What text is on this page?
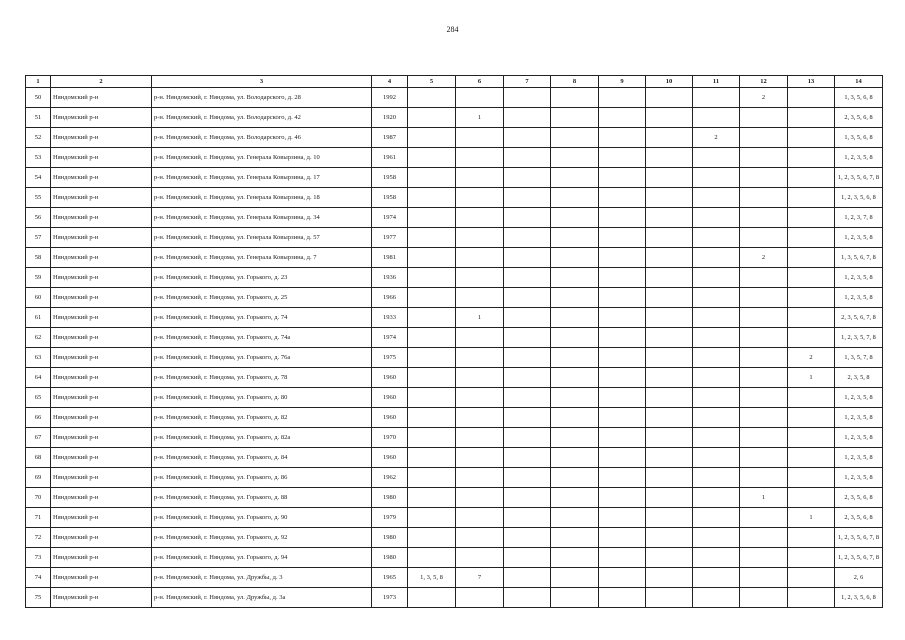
284
1	2	3	4	5	6	7	8	9	10	11	12	13	14
50	Няндомский р-н	р-н. Няндомский, г. Няндома, ул. Володарского, д. 28	1992								2		1, 3, 5, 6, 8
51	Няндомский р-н	р-н. Няндомский, г. Няндома, ул. Володарского, д. 42	1920		1								2, 3, 5, 6, 8
52	Няндомский р-н	р-н. Няндомский, г. Няндома, ул. Володарского, д. 46	1987							2			1, 3, 5, 6, 8
53	Няндомский р-н	р-н. Няндомский, г. Няндома, ул. Генерала Ковырзина, д. 10	1961										1, 2, 3, 5, 8
54	Няндомский р-н	р-н. Няндомский, г. Няндома, ул. Генерала Ковырзина, д. 17	1958										1, 2, 3, 5, 6, 7, 8
55	Няндомский р-н	р-н. Няндомский, г. Няндома, ул. Генерала Ковырзина, д. 18	1958										1, 2, 3, 5, 6, 8
56	Няндомский р-н	р-н. Няндомский, г. Няндома, ул. Генерала Ковырзина, д. 34	1974										1, 2, 3, 7, 8
57	Няндомский р-н	р-н. Няндомский, г. Няндома, ул. Генерала Ковырзина, д. 57	1977										1, 2, 3, 5, 8
58	Няндомский р-н	р-н. Няндомский, г. Няндома, ул. Генерала Ковырзина, д. 7	1981								2		1, 3, 5, 6, 7, 8
59	Няндомский р-н	р-н. Няндомский, г. Няндома, ул. Горького, д. 23	1936										1, 2, 3, 5, 8
60	Няндомский р-н	р-н. Няндомский, г. Няндома, ул. Горького, д. 25	1966										1, 2, 3, 5, 8
61	Няндомский р-н	р-н. Няндомский, г. Няндома, ул. Горького, д. 74	1933		1								2, 3, 5, 6, 7, 8
62	Няндомский р-н	р-н. Няндомский, г. Няндома, ул. Горького, д. 74а	1974										1, 2, 3, 5, 7, 8
63	Няндомский р-н	р-н. Няндомский, г. Няндома, ул. Горького, д. 76а	1975									2	1, 3, 5, 7, 8
64	Няндомский р-н	р-н. Няндомский, г. Няндома, ул. Горького, д. 78	1960									1	2, 3, 5, 8
65	Няндомский р-н	р-н. Няндомский, г. Няндома, ул. Горького, д. 80	1960										1, 2, 3, 5, 8
66	Няндомский р-н	р-н. Няндомский, г. Няндома, ул. Горького, д. 82	1960										1, 2, 3, 5, 8
67	Няндомский р-н	р-н. Няндомский, г. Няндома, ул. Горького, д. 82а	1970										1, 2, 3, 5, 8
68	Няндомский р-н	р-н. Няндомский, г. Няндома, ул. Горького, д. 84	1960										1, 2, 3, 5, 8
69	Няндомский р-н	р-н. Няндомский, г. Няндома, ул. Горького, д. 86	1962										1, 2, 3, 5, 8
70	Няндомский р-н	р-н. Няндомский, г. Няндома, ул. Горького, д. 88	1980								1		2, 3, 5, 6, 8
71	Няндомский р-н	р-н. Няндомский, г. Няндома, ул. Горького, д. 90	1979									1	2, 3, 5, 6, 8
72	Няндомский р-н	р-н. Няндомский, г. Няндома, ул. Горького, д. 92	1980										1, 2, 3, 5, 6, 7, 8
73	Няндомский р-н	р-н. Няндомский, г. Няндома, ул. Горького, д. 94	1980										1, 2, 3, 5, 6, 7, 8
74	Няндомский р-н	р-н. Няндомский, г. Няндома, ул. Дружбы, д. 3	1965	1, 3, 5, 8	7								2, 6
75	Няндомский р-н	р-н. Няндомский, г. Няндома, ул. Дружбы, д. 3а	1973										1, 2, 3, 5, 6, 8
